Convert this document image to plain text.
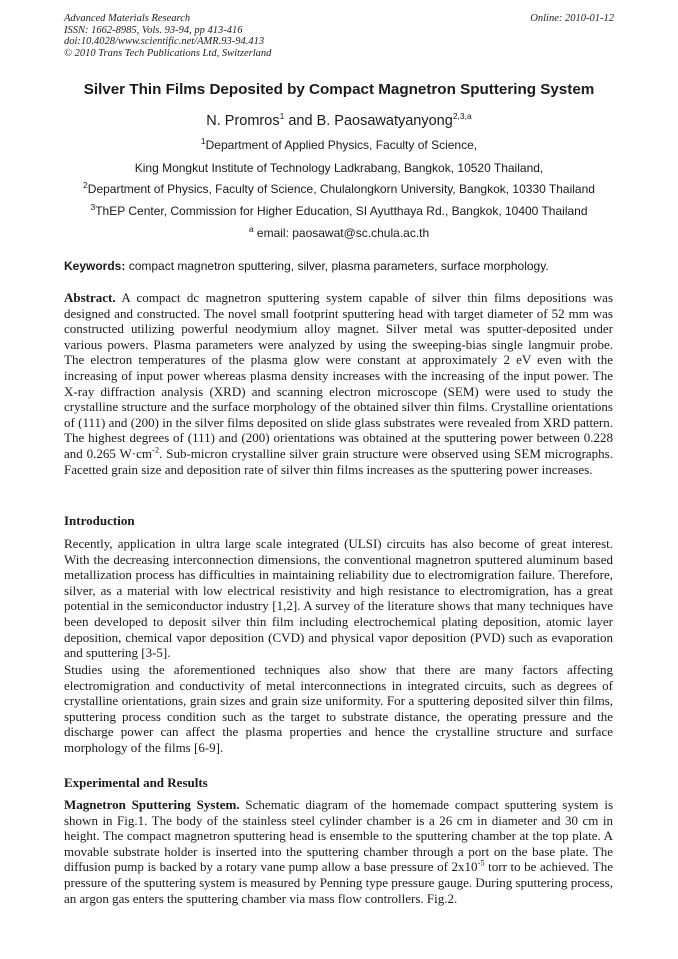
Advanced Materials Research
ISSN: 1662-8985, Vols. 93-94, pp 413-416
doi:10.4028/www.scientific.net/AMR.93-94.413
© 2010 Trans Tech Publications Ltd, Switzerland
Online: 2010-01-12
Silver Thin Films Deposited by Compact Magnetron Sputtering System
N. Promros$^1$ and B. Paosawatyanyong$^{2,3,a}$
$^1$Department of Applied Physics, Faculty of Science,
King Mongkut Institute of Technology Ladkrabang, Bangkok, 10520 Thailand,
$^2$Department of Physics, Faculty of Science, Chulalongkorn University, Bangkok, 10330 Thailand
$^3$ThEP Center, Commission for Higher Education, SI Ayutthaya Rd., Bangkok, 10400 Thailand
$^a$ email: paosawat@sc.chula.ac.th
Keywords: compact magnetron sputtering, silver, plasma parameters, surface morphology.
Abstract. A compact dc magnetron sputtering system capable of silver thin films depositions was designed and constructed. The novel small footprint sputtering head with target diameter of 52 mm was constructed utilizing powerful neodymium alloy magnet. Silver metal was sputter-deposited under various powers. Plasma parameters were analyzed by using the sweeping-bias single langmuir probe. The electron temperatures of the plasma glow were constant at approximately 2 eV even with the increasing of input power whereas plasma density increases with the increasing of the input power. The X-ray diffraction analysis (XRD) and scanning electron microscope (SEM) were used to study the crystalline structure and the surface morphology of the obtained silver thin films. Crystalline orientations of (111) and (200) in the silver films deposited on slide glass substrates were revealed from XRD pattern. The highest degrees of (111) and (200) orientations was obtained at the sputtering power between 0.228 and 0.265 $W\cdot cm^{-2}$. Sub-micron crystalline silver grain structure were observed using SEM micrographs. Facetted grain size and deposition rate of silver thin films increases as the sputtering power increases.
Introduction
Recently, application in ultra large scale integrated (ULSI) circuits has also become of great interest. With the decreasing interconnection dimensions, the conventional magnetron sputtered aluminum based metallization process has difficulties in maintaining reliability due to electromigration failure. Therefore, silver, as a material with low electrical resistivity and high resistance to electromigration, has a great potential in the semiconductor industry [1,2]. A survey of the literature shows that many techniques have been developed to deposit silver thin film including electrochemical plating deposition, atomic layer deposition, chemical vapor deposition (CVD) and physical vapor deposition (PVD) such as evaporation and sputtering [3-5].
Studies using the aforementioned techniques also show that there are many factors affecting electromigration and conductivity of metal interconnections in integrated circuits, such as degrees of crystalline orientations, grain sizes and grain size uniformity. For a sputtering deposited silver thin films, sputtering process condition such as the target to substrate distance, the operating pressure and the discharge power can affect the plasma properties and hence the crystalline structure and surface morphology of the films [6-9].
Experimental and Results
Magnetron Sputtering System. Schematic diagram of the homemade compact sputtering system is shown in Fig.1. The body of the stainless steel cylinder chamber is a 26 cm in diameter and 30 cm in height. The compact magnetron sputtering head is ensemble to the sputtering chamber at the top plate. A movable substrate holder is inserted into the sputtering chamber through a port on the base plate. The diffusion pump is backed by a rotary vane pump allow a base pressure of $2x10^{-5}$ torr to be achieved. The pressure of the sputtering system is measured by Penning type pressure gauge. During sputtering process, an argon gas enters the sputtering chamber via mass flow controllers. Fig.2.
